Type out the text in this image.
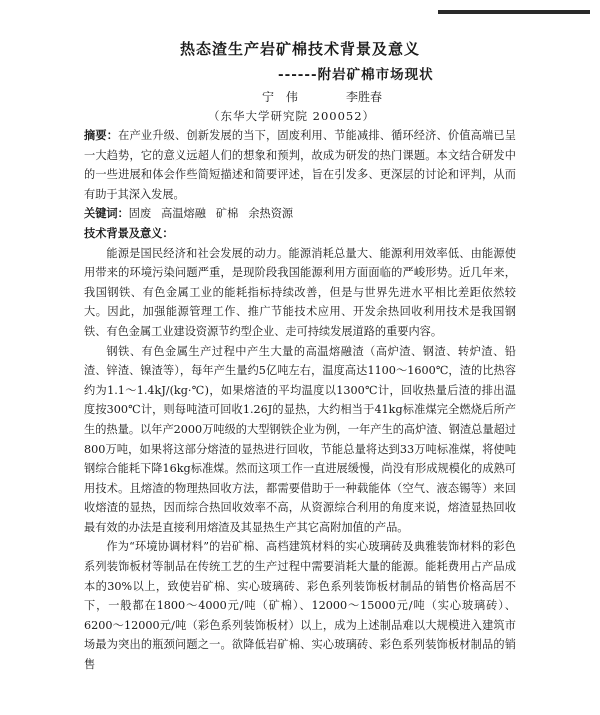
热态渣生产岩矿棉技术背景及意义
------附岩矿棉市场现状
宁 伟	李胜春
（东华大学研究院 200052）

摘要：在产业升级、创新发展的当下，固废利用、节能减排、循环经济、价值高端已呈一大趋势，它的意义远超人们的想象和预判，故成为研发的热门课题。本文结合研发中的一些进展和体会作些简短描述和简要评述，旨在引发多、更深层的讨论和评判，从而有助于其深入发展。

关键词：固废 高温熔融 矿棉 余热资源

技术背景及意义：

能源是国民经济和社会发展的动力。能源消耗总量大、能源利用效率低、由能源使用带来的环境污染问题严重，是现阶段我国能源利用方面面临的严峻形势。近几年来，我国钢铁、有色金属工业的能耗指标持续改善，但是与世界先进水平相比差距依然较大。因此，加强能源管理工作、推广节能技术应用、开发余热回收利用技术是我国钢铁、有色金属工业建设资源节约型企业、走可持续发展道路的重要内容。

钢铁、有色金属生产过程中产生大量的高温熔融渣（高炉渣、钢渣、转炉渣、铅渣、锌渣、镍渣等），每年产生量约5亿吨左右，温度高达1100～1600℃，渣的比热容约为1.1～1.4kJ/(kg·℃)，如果熔渣的平均温度以1300℃计，回收热量后渣的排出温度按300℃计，则每吨渣可回收1.26J的显热，大约相当于41kg标准煤完全燃烧后所产生的热量。以年产2000万吨级的大型钢铁企业为例，一年产生的高炉渣、钢渣总量超过800万吨，如果将这部分熔渣的显热进行回收，节能总量将达到33万吨标准煤，将使吨钢综合能耗下降16kg标准煤。然而这项工作一直进展缓慢，尚没有形成规模化的成熟可用技术。且熔渣的物理热回收方法，都需要借助于一种载能体（空气、液态锡等）来回收熔渣的显热，因而综合热回收效率不高，从资源综合利用的角度来说，熔渣显热回收最有效的办法是直接利用熔渣及其显热生产其它高附加值的产品。

作为“环境协调材料”的岩矿棉、高档建筑材料的实心玻璃砖及典雅装饰材料的彩色系列装饰板材等制品在传统工艺的生产过程中需要消耗大量的能源。能耗费用占产品成本的30%以上，致使岩矿棉、实心玻璃砖、彩色系列装饰板材制品的销售价格高居不下，一般都在1800～4000元/吨（矿棉）、12000～15000元/吨（实心玻璃砖）、6200～12000元/吨（彩色系列装饰板材）以上，成为上述制品难以大规模进入建筑市场最为突出的瓶颈问题之一。欲降低岩矿棉、实心玻璃砖、彩色系列装饰板材制品的销售
